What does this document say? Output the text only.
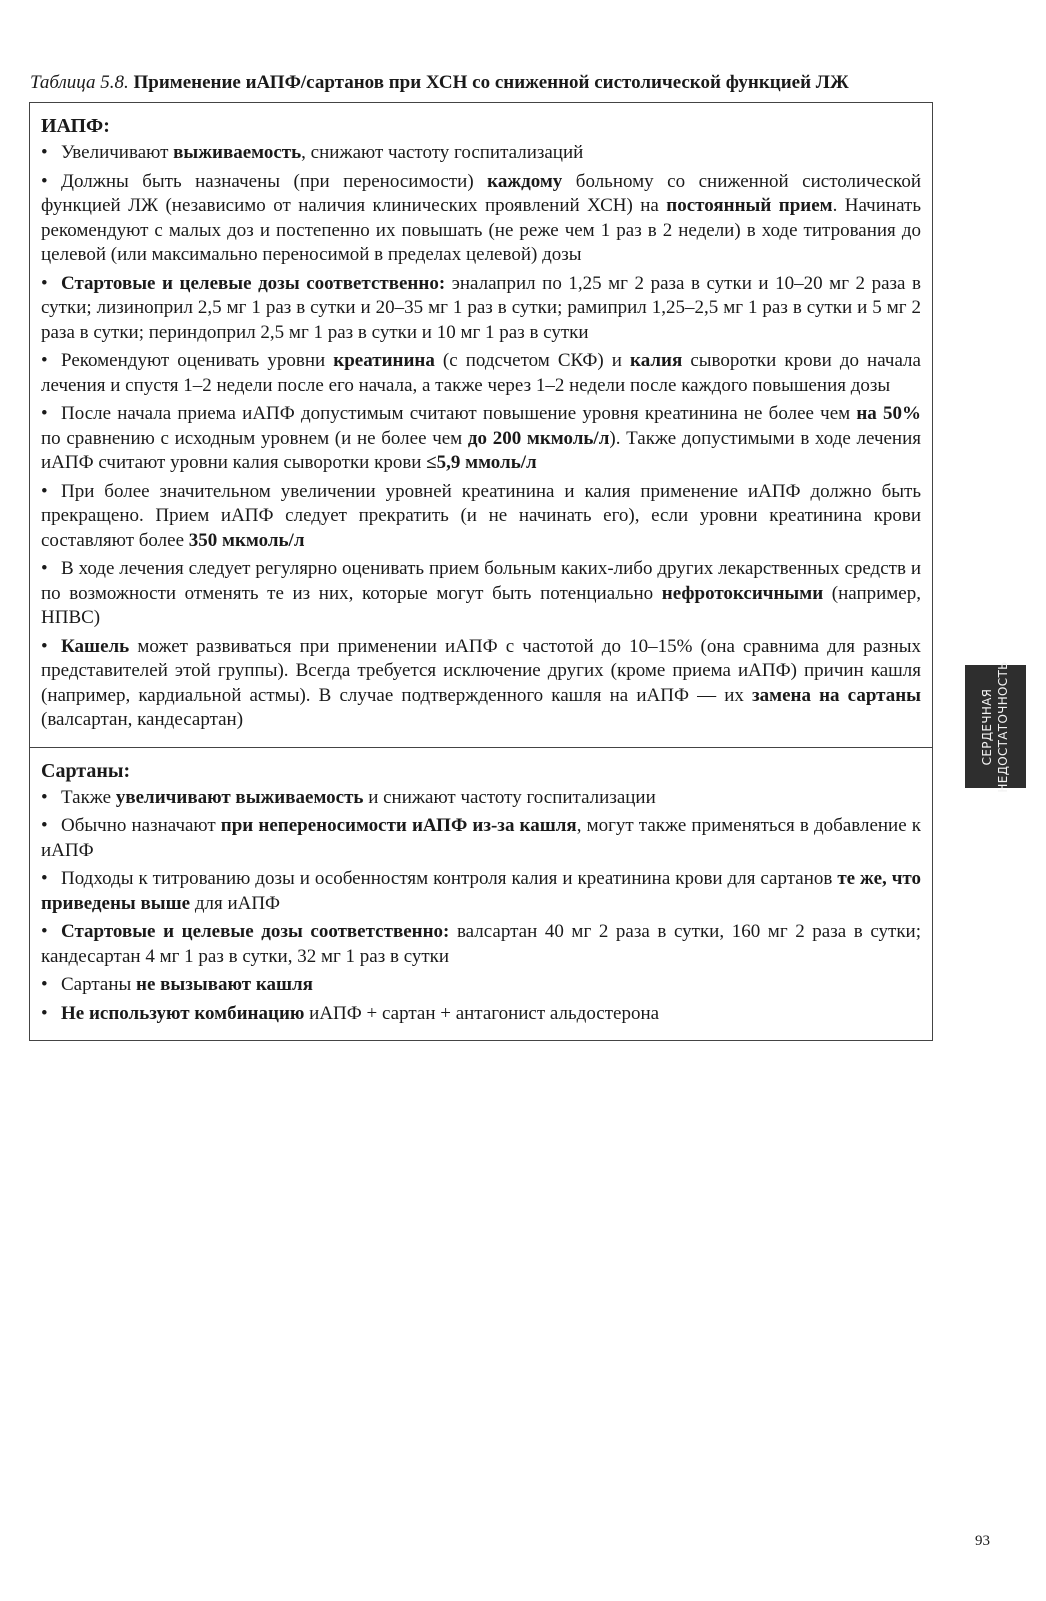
Таблица 5.8. Применение иАПФ/сартанов при ХСН со сниженной систолической функцией ЛЖ
ИАПФ:
• Увеличивают выживаемость, снижают частоту госпитализаций
• Должны быть назначены (при переносимости) каждому больному со сниженной систолической функцией ЛЖ (независимо от наличия клинических проявлений ХСН) на постоянный прием. Начинать рекомендуют с малых доз и постепенно их повышать (не реже чем 1 раз в 2 недели) в ходе титрования до целевой (или максимально переносимой в пределах целевой) дозы
• Стартовые и целевые дозы соответственно: эналаприл по 1,25 мг 2 раза в сутки и 10–20 мг 2 раза в сутки; лизиноприл 2,5 мг 1 раз в сутки и 20–35 мг 1 раз в сутки; рамиприл 1,25–2,5 мг 1 раз в сутки и 5 мг 2 раза в сутки; периндоприл 2,5 мг 1 раз в сутки и 10 мг 1 раз в сутки
• Рекомендуют оценивать уровни креатинина (с подсчетом СКФ) и калия сыворотки крови до начала лечения и спустя 1–2 недели после его начала, а также через 1–2 недели после каждого повышения дозы
• После начала приема иАПФ допустимым считают повышение уровня креатинина не более чем на 50% по сравнению с исходным уровнем (и не более чем до 200 мкмоль/л). Также допустимыми в ходе лечения иАПФ считают уровни калия сыворотки крови ≤5,9 ммоль/л
• При более значительном увеличении уровней креатинина и калия применение иАПФ должно быть прекращено. Прием иАПФ следует прекратить (и не начинать его), если уровни креатинина крови составляют более 350 мкмоль/л
• В ходе лечения следует регулярно оценивать прием больным каких-либо других лекарственных средств и по возможности отменять те из них, которые могут быть потенциально нефротоксичными (например, НПВС)
• Кашель может развиваться при применении иАПФ с частотой до 10–15% (она сравнима для разных представителей этой группы). Всегда требуется исключение других (кроме приема иАПФ) причин кашля (например, кардиальной астмы). В случае подтвержденного кашля на иАПФ — их замена на сартаны (валсартан, кандесартан)
Сартаны:
• Также увеличивают выживаемость и снижают частоту госпитализации
• Обычно назначают при непереносимости иАПФ из-за кашля, могут также применяться в добавление к иАПФ
• Подходы к титрованию дозы и особенностям контроля калия и креатинина крови для сартанов те же, что приведены выше для иАПФ
• Стартовые и целевые дозы соответственно: валсартан 40 мг 2 раза в сутки, 160 мг 2 раза в сутки; кандесартан 4 мг 1 раз в сутки, 32 мг 1 раз в сутки
• Сартаны не вызывают кашля
• Не используют комбинацию иАПФ + сартан + антагонист альдостерона
СЕРДЕЧНАЯ НЕДОСТАТОЧНОСТЬ
93
